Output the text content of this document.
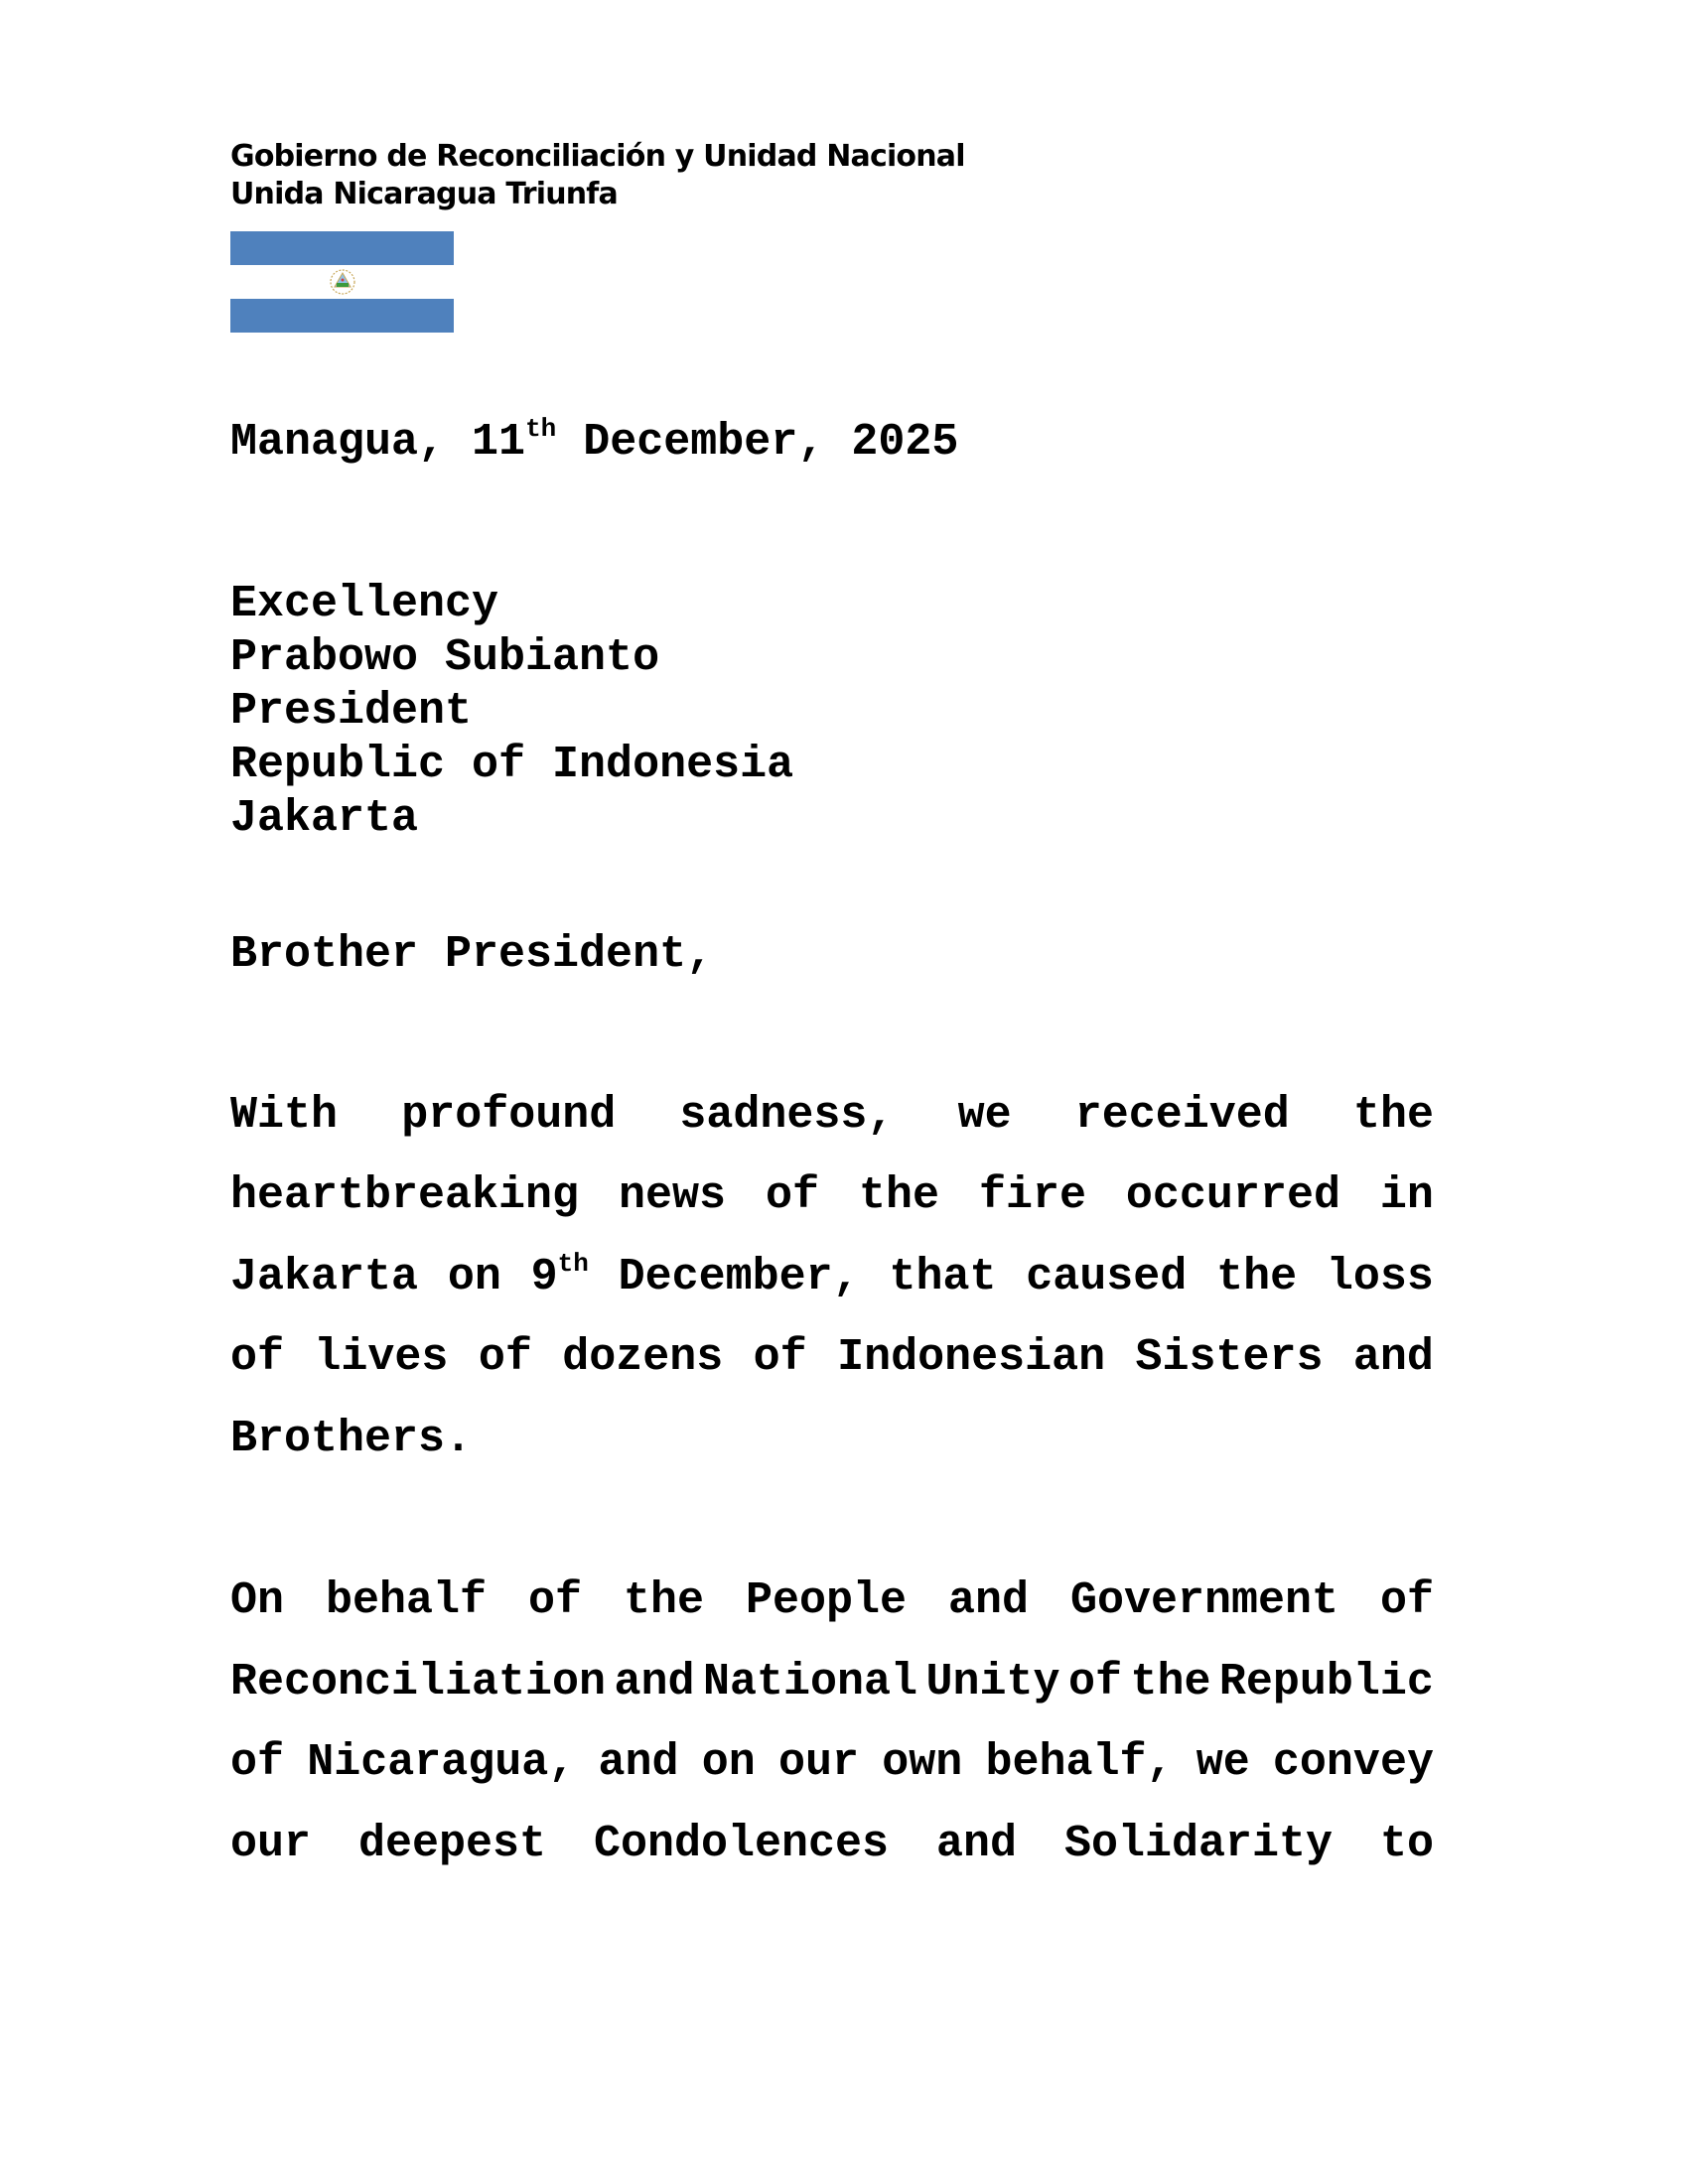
Gobierno de Reconciliación y Unidad Nacional
Unida Nicaragua Triunfa
Managua, 11th December, 2025
Excellency
Prabowo Subianto
President
Republic of Indonesia
Jakarta
Brother President,
With profound sadness, we received the
heartbreaking news of the fire occurred in
Jakarta on 9th December, that caused the loss
of lives of dozens of Indonesian Sisters and
Brothers.
On behalf of the People and Government of
Reconciliation and National Unity of the Republic
of Nicaragua, and on our own behalf, we convey
our deepest Condolences and Solidarity to
